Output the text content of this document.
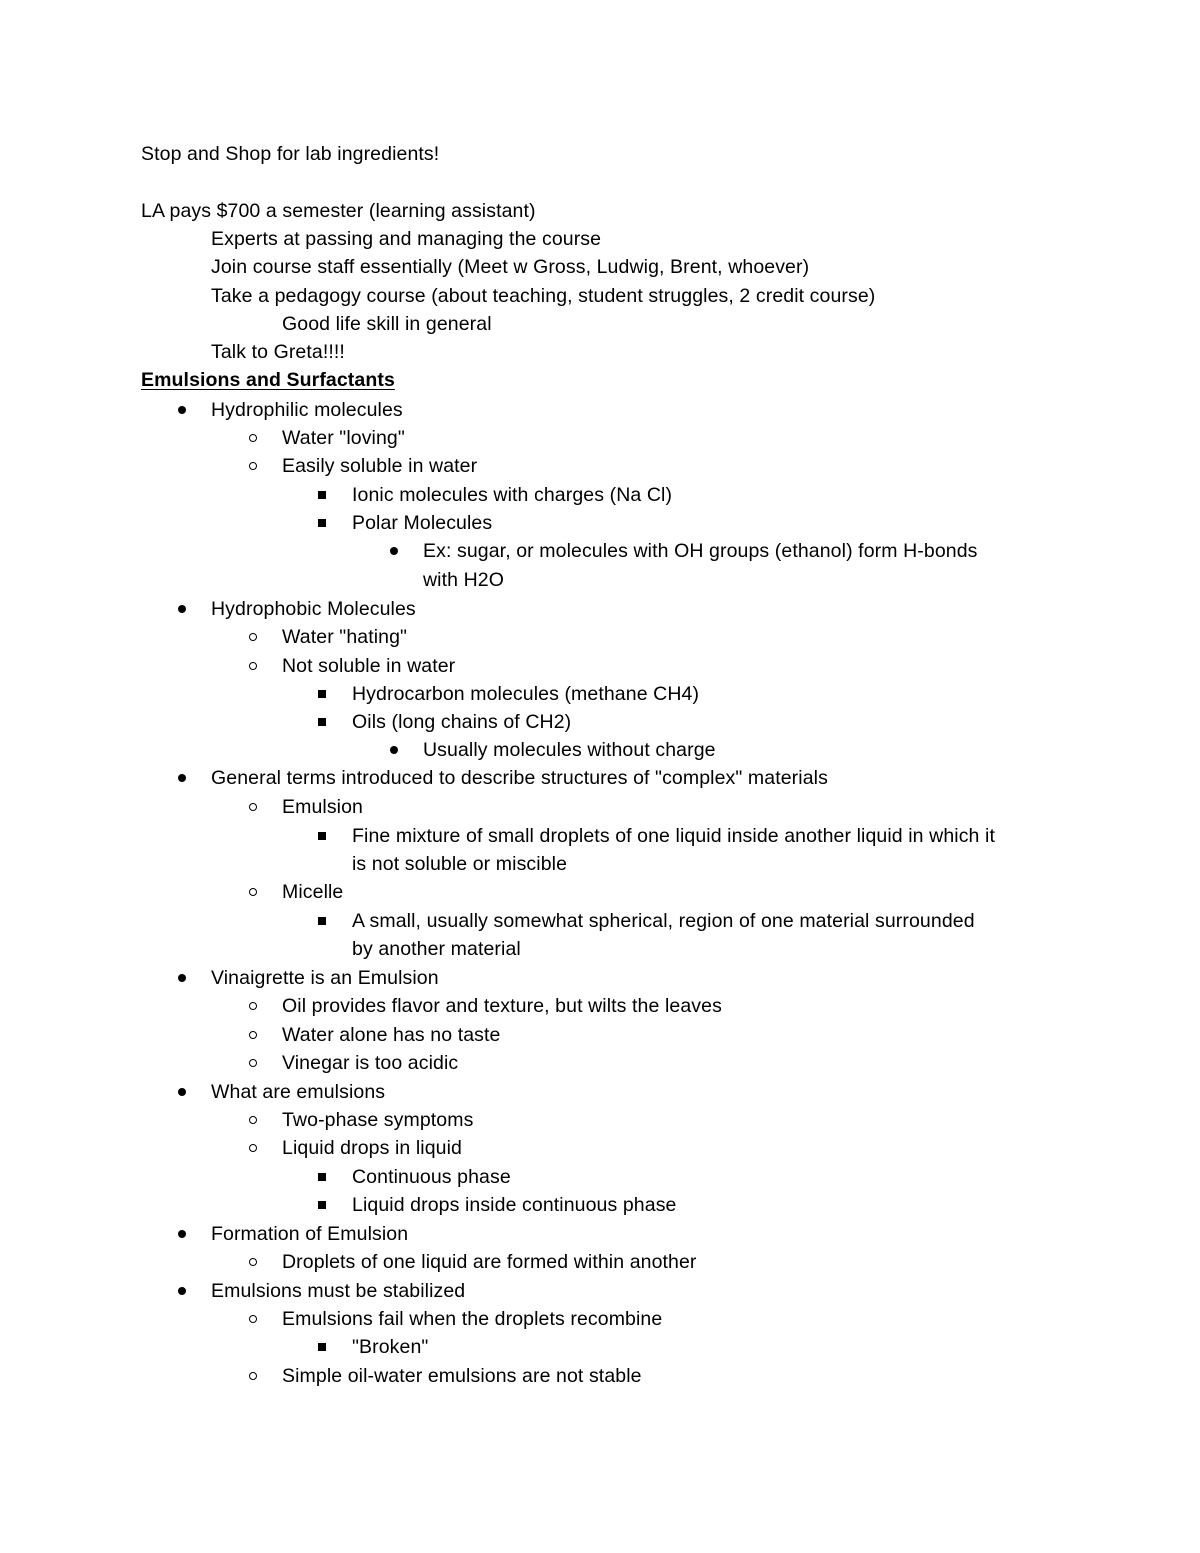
Stop and Shop for lab ingredients!
LA pays $700 a semester (learning assistant)
Experts at passing and managing the course
Join course staff essentially (Meet w Gross, Ludwig, Brent, whoever)
Take a pedagogy course (about teaching, student struggles, 2 credit course)
Good life skill in general
Talk to Greta!!!!
Emulsions and Surfactants
Hydrophilic molecules
Water "loving"
Easily soluble in water
Ionic molecules with charges (Na Cl)
Polar Molecules
Ex: sugar, or molecules with OH groups (ethanol) form H-bonds
with H2O
Hydrophobic Molecules
Water "hating"
Not soluble in water
Hydrocarbon molecules (methane CH4)
Oils (long chains of CH2)
Usually molecules without charge
General terms introduced to describe structures of "complex" materials
Emulsion
Fine mixture of small droplets of one liquid inside another liquid in which it
is not soluble or miscible
Micelle
A small, usually somewhat spherical, region of one material surrounded
by another material
Vinaigrette is an Emulsion
Oil provides flavor and texture, but wilts the leaves
Water alone has no taste
Vinegar is too acidic
What are emulsions
Two-phase symptoms
Liquid drops in liquid
Continuous phase
Liquid drops inside continuous phase
Formation of Emulsion
Droplets of one liquid are formed within another
Emulsions must be stabilized
Emulsions fail when the droplets recombine
"Broken"
Simple oil-water emulsions are not stable
